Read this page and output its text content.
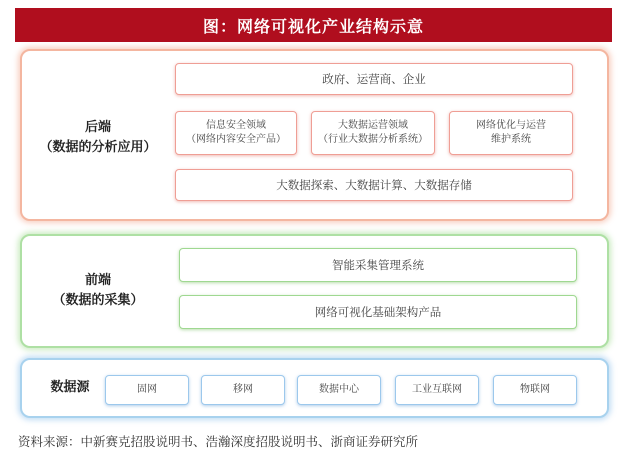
图：网络可视化产业结构示意
后端
（数据的分析应用）
政府、运营商、企业
信息安全领域
（网络内容安全产品）
大数据运营领域
（行业大数据分析系统）
网络优化与运营
维护系统
大数据探索、大数据计算、大数据存储
前端
（数据的采集）
智能采集管理系统
网络可视化基础架构产品
数据源	固网	移网	数据中心	工业互联网	物联网
资料来源：中新赛克招股说明书、浩瀚深度招股说明书、浙商证券研究所
